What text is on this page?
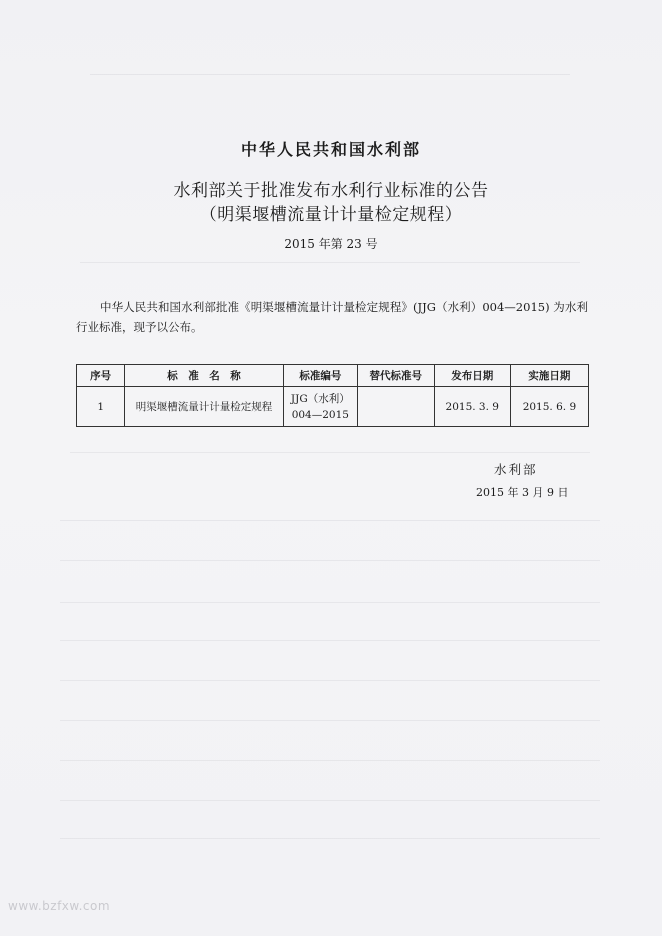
中华人民共和国水利部
水利部关于批准发布水利行业标准的公告
（明渠堰槽流量计计量检定规程）
2015 年第 23 号

中华人民共和国水利部批准《明渠堰槽流量计计量检定规程》(JJG（水利）004—2015) 为水利行业标准，现予以公布。

序号	标　准　名　称	标准编号	替代标准号	发布日期	实施日期
1	明渠堰槽流量计计量检定规程	JJG（水利）
004—2015		2015. 3. 9	2015. 6. 9
水利部
2015 年 3 月 9 日
www.bzfxw.com
